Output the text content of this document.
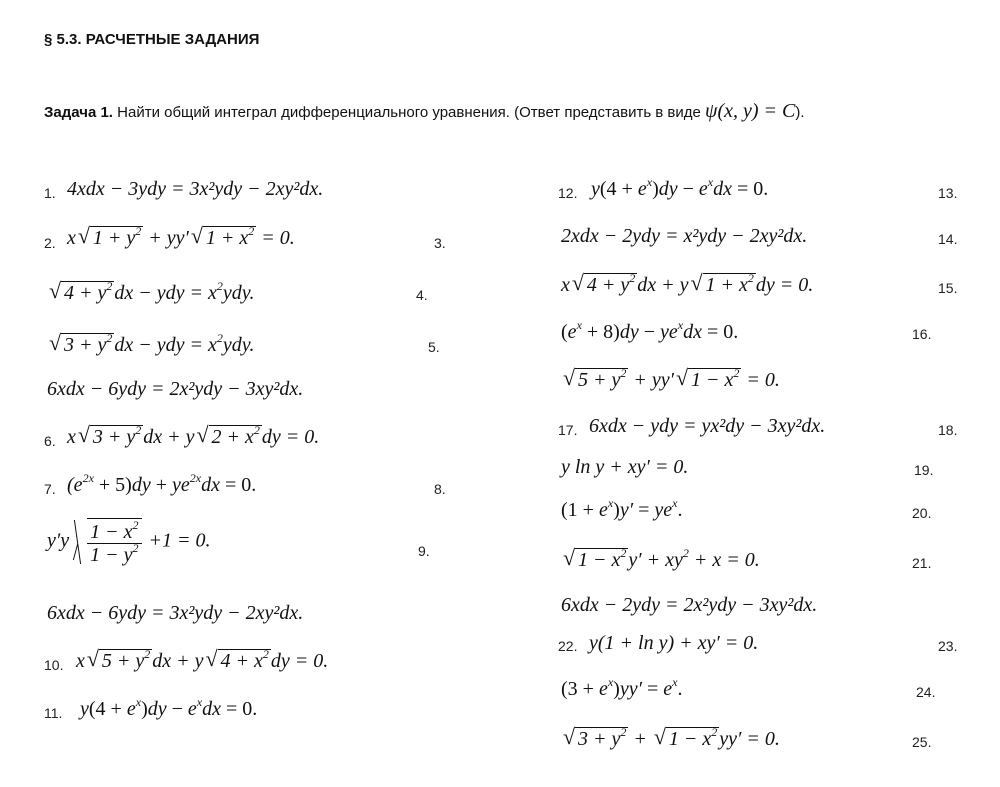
§ 5.3. РАСЧЕТНЫЕ ЗАДАНИЯ
Задача 1. Найти общий интеграл дифференциального уравнения. (Ответ представить в виде ψ(x, y) = C).
1. 4xdx − 3ydy = 3x²ydy − 2xy²dx.
2. x√ $1 + y^2 + yy'√$ $1 + x^2 = 0$.	3.
√ $4 + y^2$ dx − ydy = $x^2ydy$.	4.
√ $3 + y^2$ dx − ydy = $x^2ydy$.	5.
6xdx − 6ydy = 2x²ydy − 3xy²dx.
6. x√ $3 + y^2$ dx + y√ $2 + x^2$ dy = 0.
7. $(e^{2x} + 5)dy + ye^{2x}dx = 0$.	8.
$y'y \frac{1 - x^2}{1 - y^2} +1 = 0$.	9.
6xdx − 6ydy = 3x²ydy − 2xy²dx.
10. x√ $5 + y^2$ dx + y√ $4 + x^2$ dy = 0.
11. $y(4 + e^x)dy - e^xdx = 0$.
12. $y(4 + e^x)dy - e^xdx = 0$.	13.
2xdx − 2ydy = x²ydy − 2xy²dx.	14.
x√ $4 + y^2$ dx + y√ $1 + x^2$ dy = 0.	15.
$(e^x + 8)dy - ye^xdx = 0$.	16.
√ $5 + y^2 + yy'√$ $1 - x^2 = 0$.
17. 6xdx − ydy = yx²dy − 3xy²dx.	18.
y ln y + xy′ = 0.	19.
$(1 + e^x)y' = ye^x$.	20.
√ $1 - x^2$ $y' + xy^2 + x = 0$.	21.
6xdx − 2ydy = 2x²ydy − 3xy²dx.
22. y(1 + ln y) + xy′ = 0.	23.
$(3 + e^x)yy' = e^x$.	24.
√ $3 + y^2$ + √ $1 - x^2$ yy′ = 0.	25.
